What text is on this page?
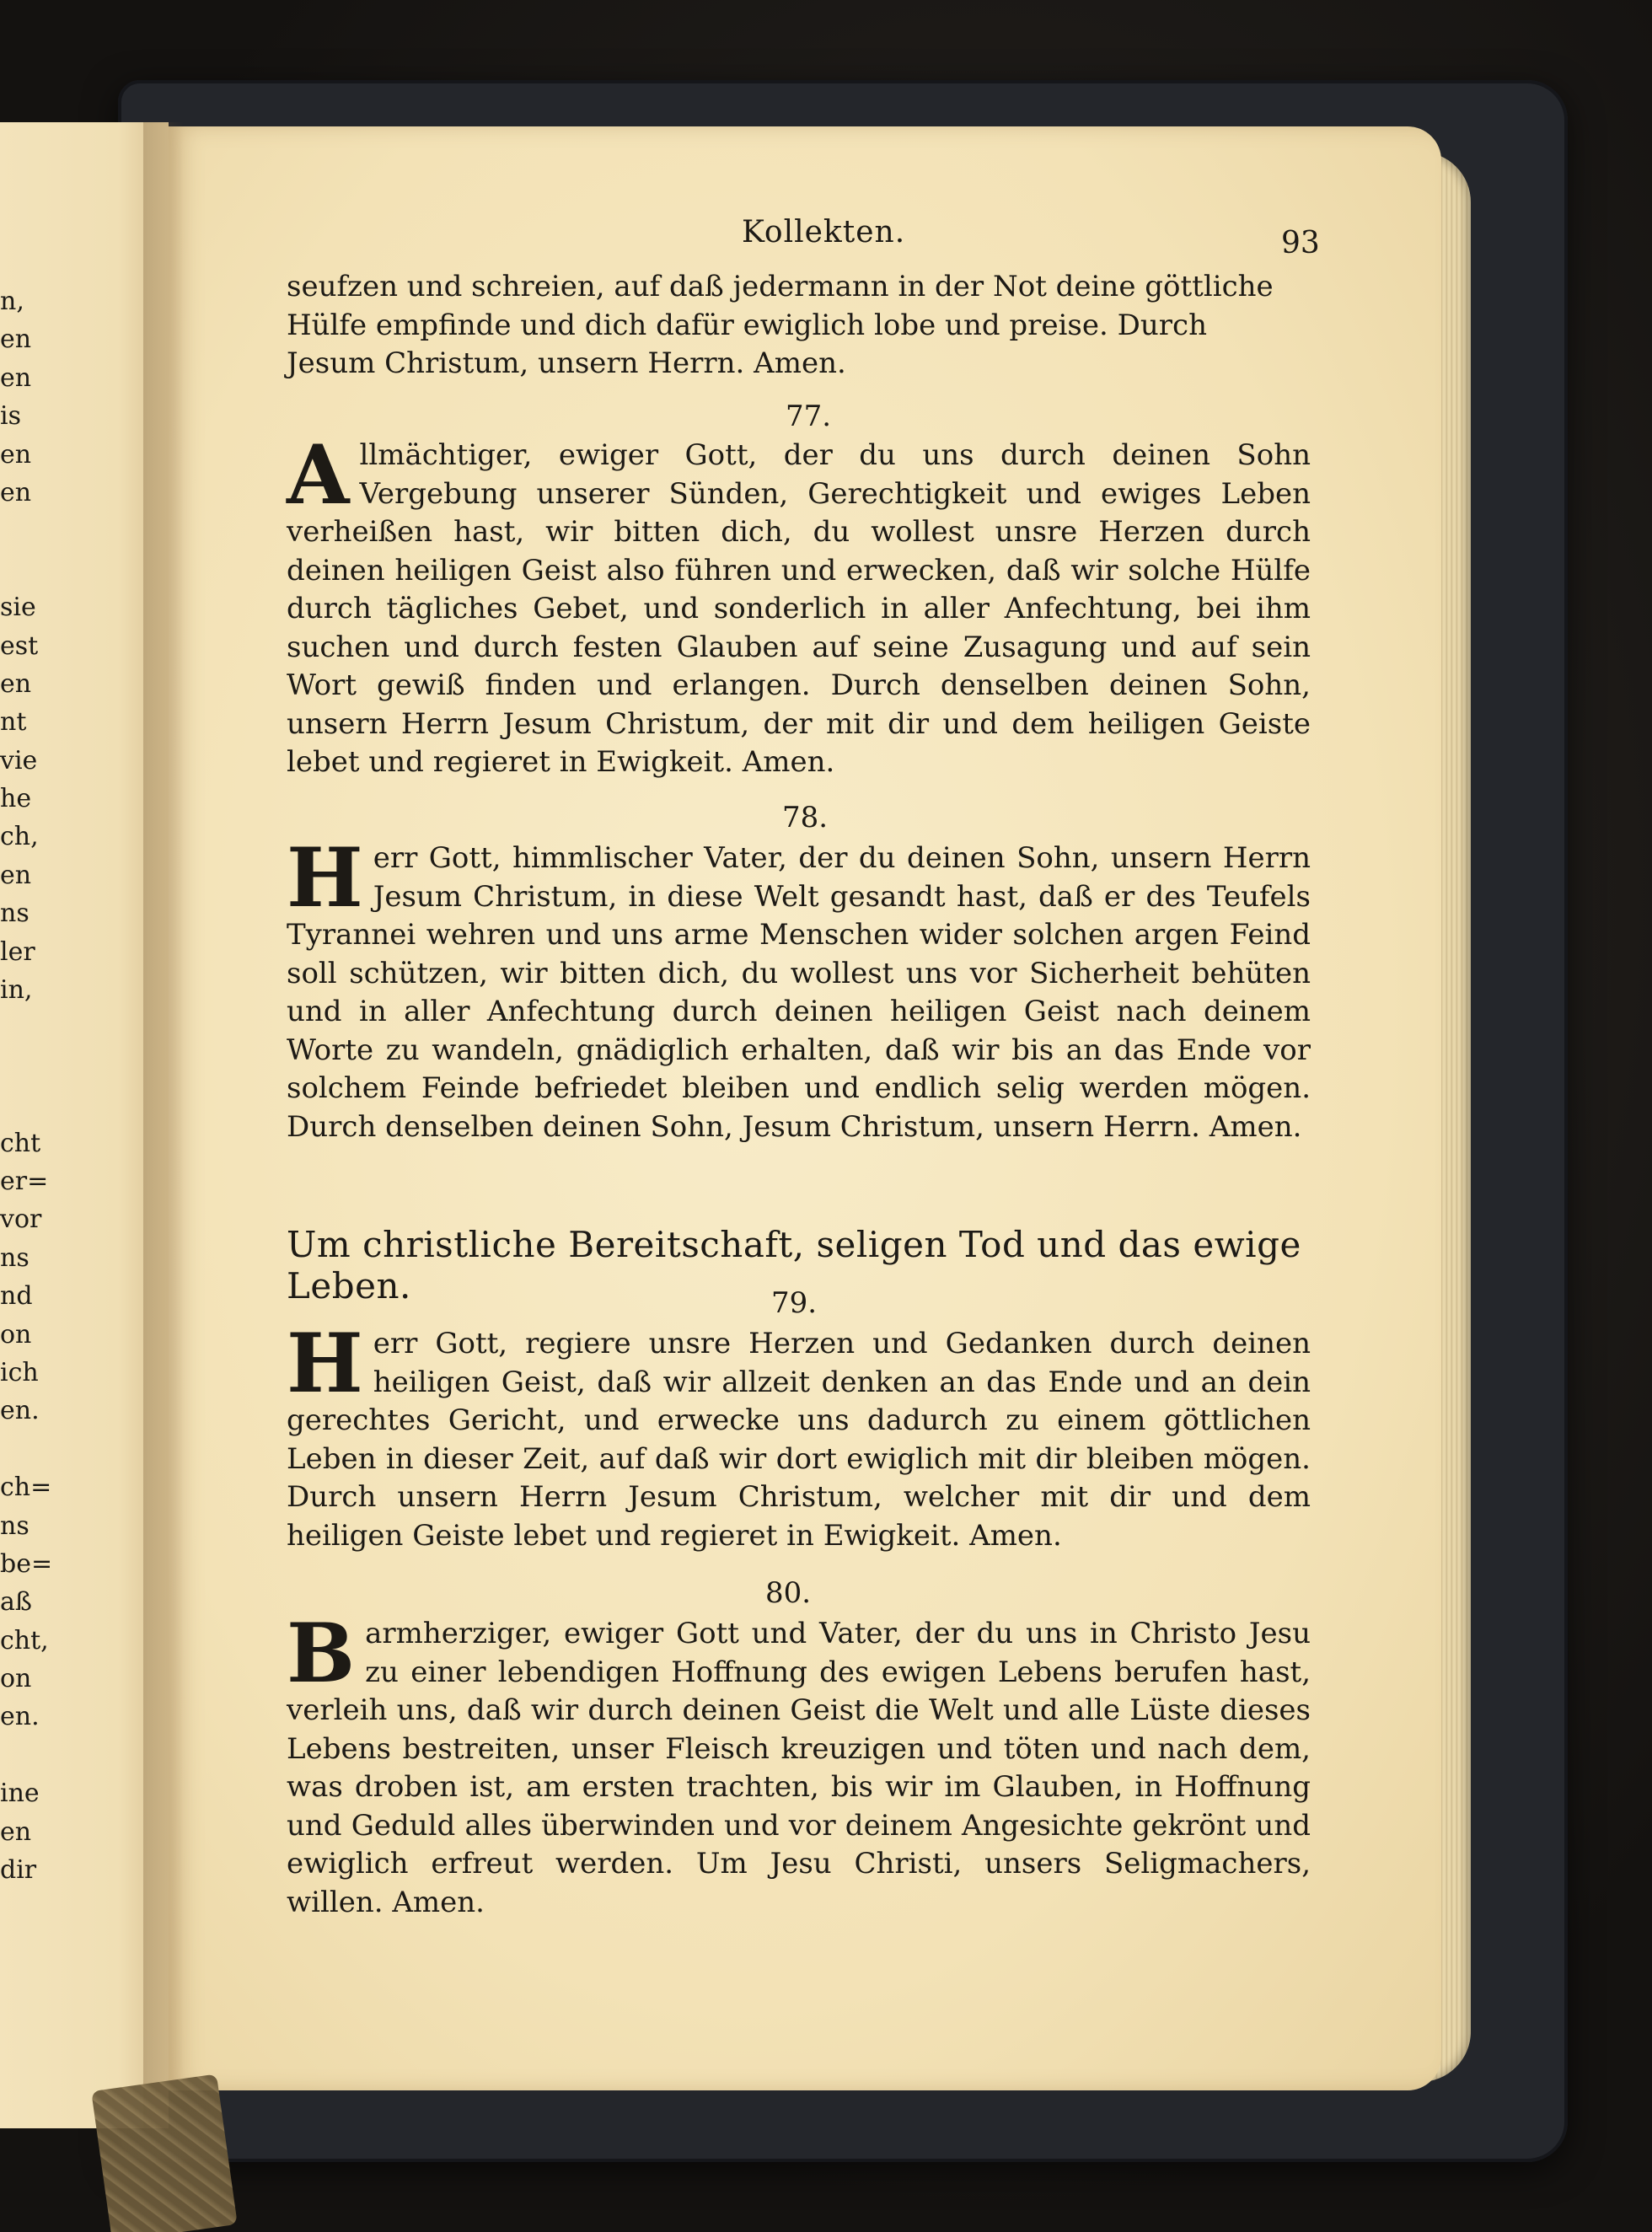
n,
en
en
is
en
en
sie
est
en
nt
vie
he
ch,
en
ns
ler
in,
cht
er=
vor
ns
nd
on
ich
en.
ch=
ns
be=
aß
cht,
on
en.
ine
en
dir
Kollekten.	93

seufzen und schreien, auf daß jedermann in der Not deine göttliche

Hülfe empfinde und dich dafür ewiglich lobe und preise. Durch

Jesum Christum, unsern Herrn. Amen.

77.

Allmächtiger, ewiger Gott, der du uns durch deinen Sohn Vergebung unserer Sünden, Gerechtigkeit und ewiges Leben verheißen hast, wir bitten dich, du wollest unsre Herzen durch deinen heiligen Geist also führen und erwecken, daß wir solche Hülfe durch tägliches Gebet, und sonderlich in aller Anfechtung, bei ihm suchen und durch festen Glauben auf seine Zusagung und auf sein Wort gewiß finden und erlangen. Durch denselben deinen Sohn, unsern Herrn Jesum Christum, der mit dir und dem heiligen Geiste lebet und regieret in Ewigkeit. Amen.

78.

Herr Gott, himmlischer Vater, der du deinen Sohn, unsern Herrn Jesum Christum, in diese Welt gesandt hast, daß er des Teufels Tyrannei wehren und uns arme Menschen wider solchen argen Feind soll schützen, wir bitten dich, du wollest uns vor Sicherheit behüten und in aller Anfechtung durch deinen heiligen Geist nach deinem Worte zu wandeln, gnädiglich erhalten, daß wir bis an das Ende vor solchem Feinde befriedet bleiben und endlich selig werden mögen. Durch denselben deinen Sohn, Jesum Christum, unsern Herrn. Amen.

Um christliche Bereitschaft, seligen Tod und das ewige Leben.	79.

Herr Gott, regiere unsre Herzen und Gedanken durch deinen heiligen Geist, daß wir allzeit denken an das Ende und an dein gerechtes Gericht, und erwecke uns dadurch zu einem göttlichen Leben in dieser Zeit, auf daß wir dort ewiglich mit dir bleiben mögen. Durch unsern Herrn Jesum Christum, welcher mit dir und dem heiligen Geiste lebet und regieret in Ewigkeit. Amen.

80.

Barmherziger, ewiger Gott und Vater, der du uns in Christo Jesu zu einer lebendigen Hoffnung des ewigen Lebens berufen hast, verleih uns, daß wir durch deinen Geist die Welt und alle Lüste dieses Lebens bestreiten, unser Fleisch kreuzigen und töten und nach dem, was droben ist, am ersten trachten, bis wir im Glauben, in Hoffnung und Geduld alles überwinden und vor deinem Angesichte gekrönt und ewiglich erfreut werden. Um Jesu Christi, unsers Seligmachers, willen. Amen.
